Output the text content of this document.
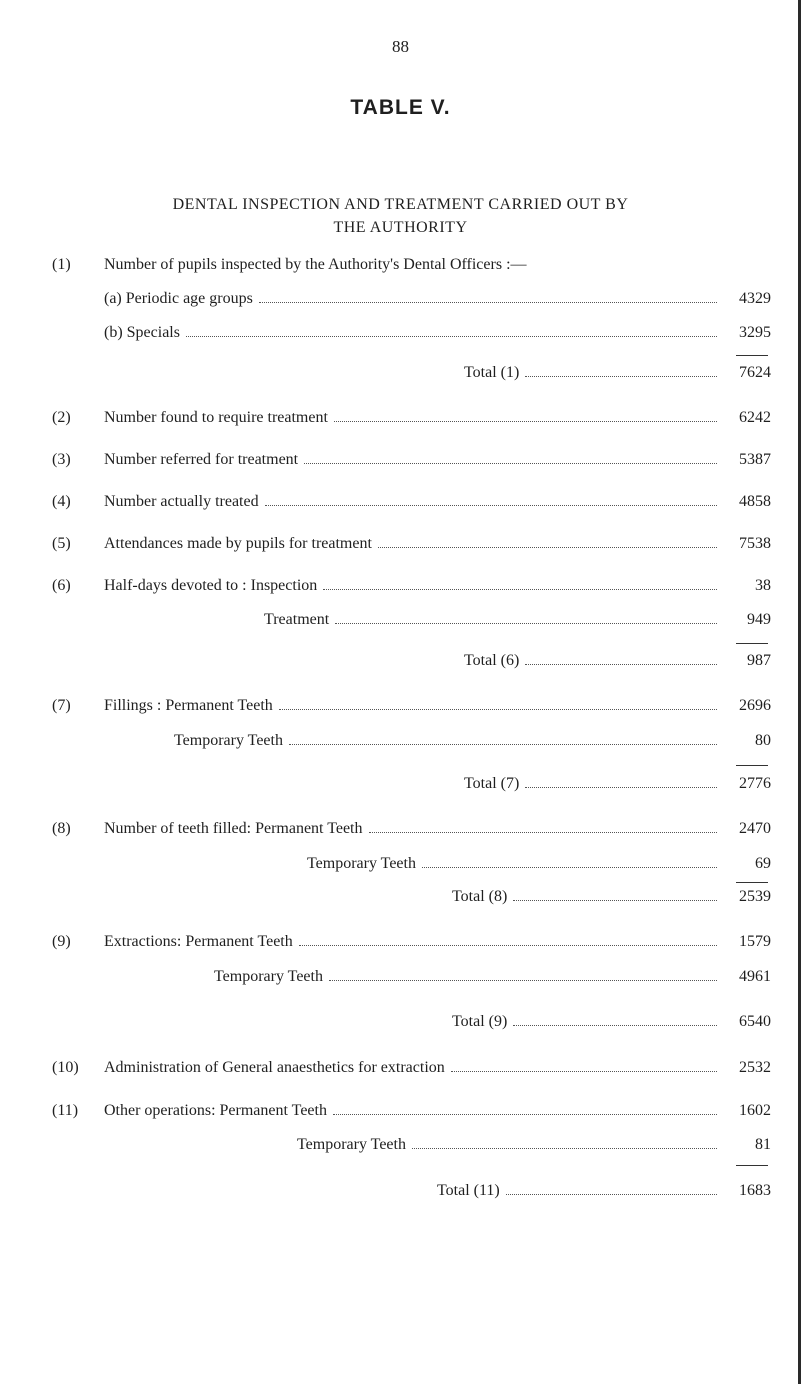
88
TABLE V.
DENTAL INSPECTION AND TREATMENT CARRIED OUT BY
THE AUTHORITY
(1)	Number of pupils inspected by the Authority's Dental Officers :—
(a) Periodic age groups	4329
(b) Specials	3295
Total (1)	7624
(2)	Number found to require treatment	6242
(3)	Number referred for treatment	5387
(4)	Number actually treated	4858
(5)	Attendances made by pupils for treatment	7538
(6)	Half-days devoted to : Inspection	38
Treatment	949
Total (6)	987
(7)	Fillings : Permanent Teeth	2696
Temporary Teeth	80
Total (7)	2776
(8)	Number of teeth filled: Permanent Teeth	2470
Temporary Teeth	69
Total (8)	2539
(9)	Extractions: Permanent Teeth	1579
Temporary Teeth	4961
Total (9)	6540
(10)	Administration of General anaesthetics for extraction	2532
(11)	Other operations: Permanent Teeth	1602
Temporary Teeth	81
Total (11)	1683
